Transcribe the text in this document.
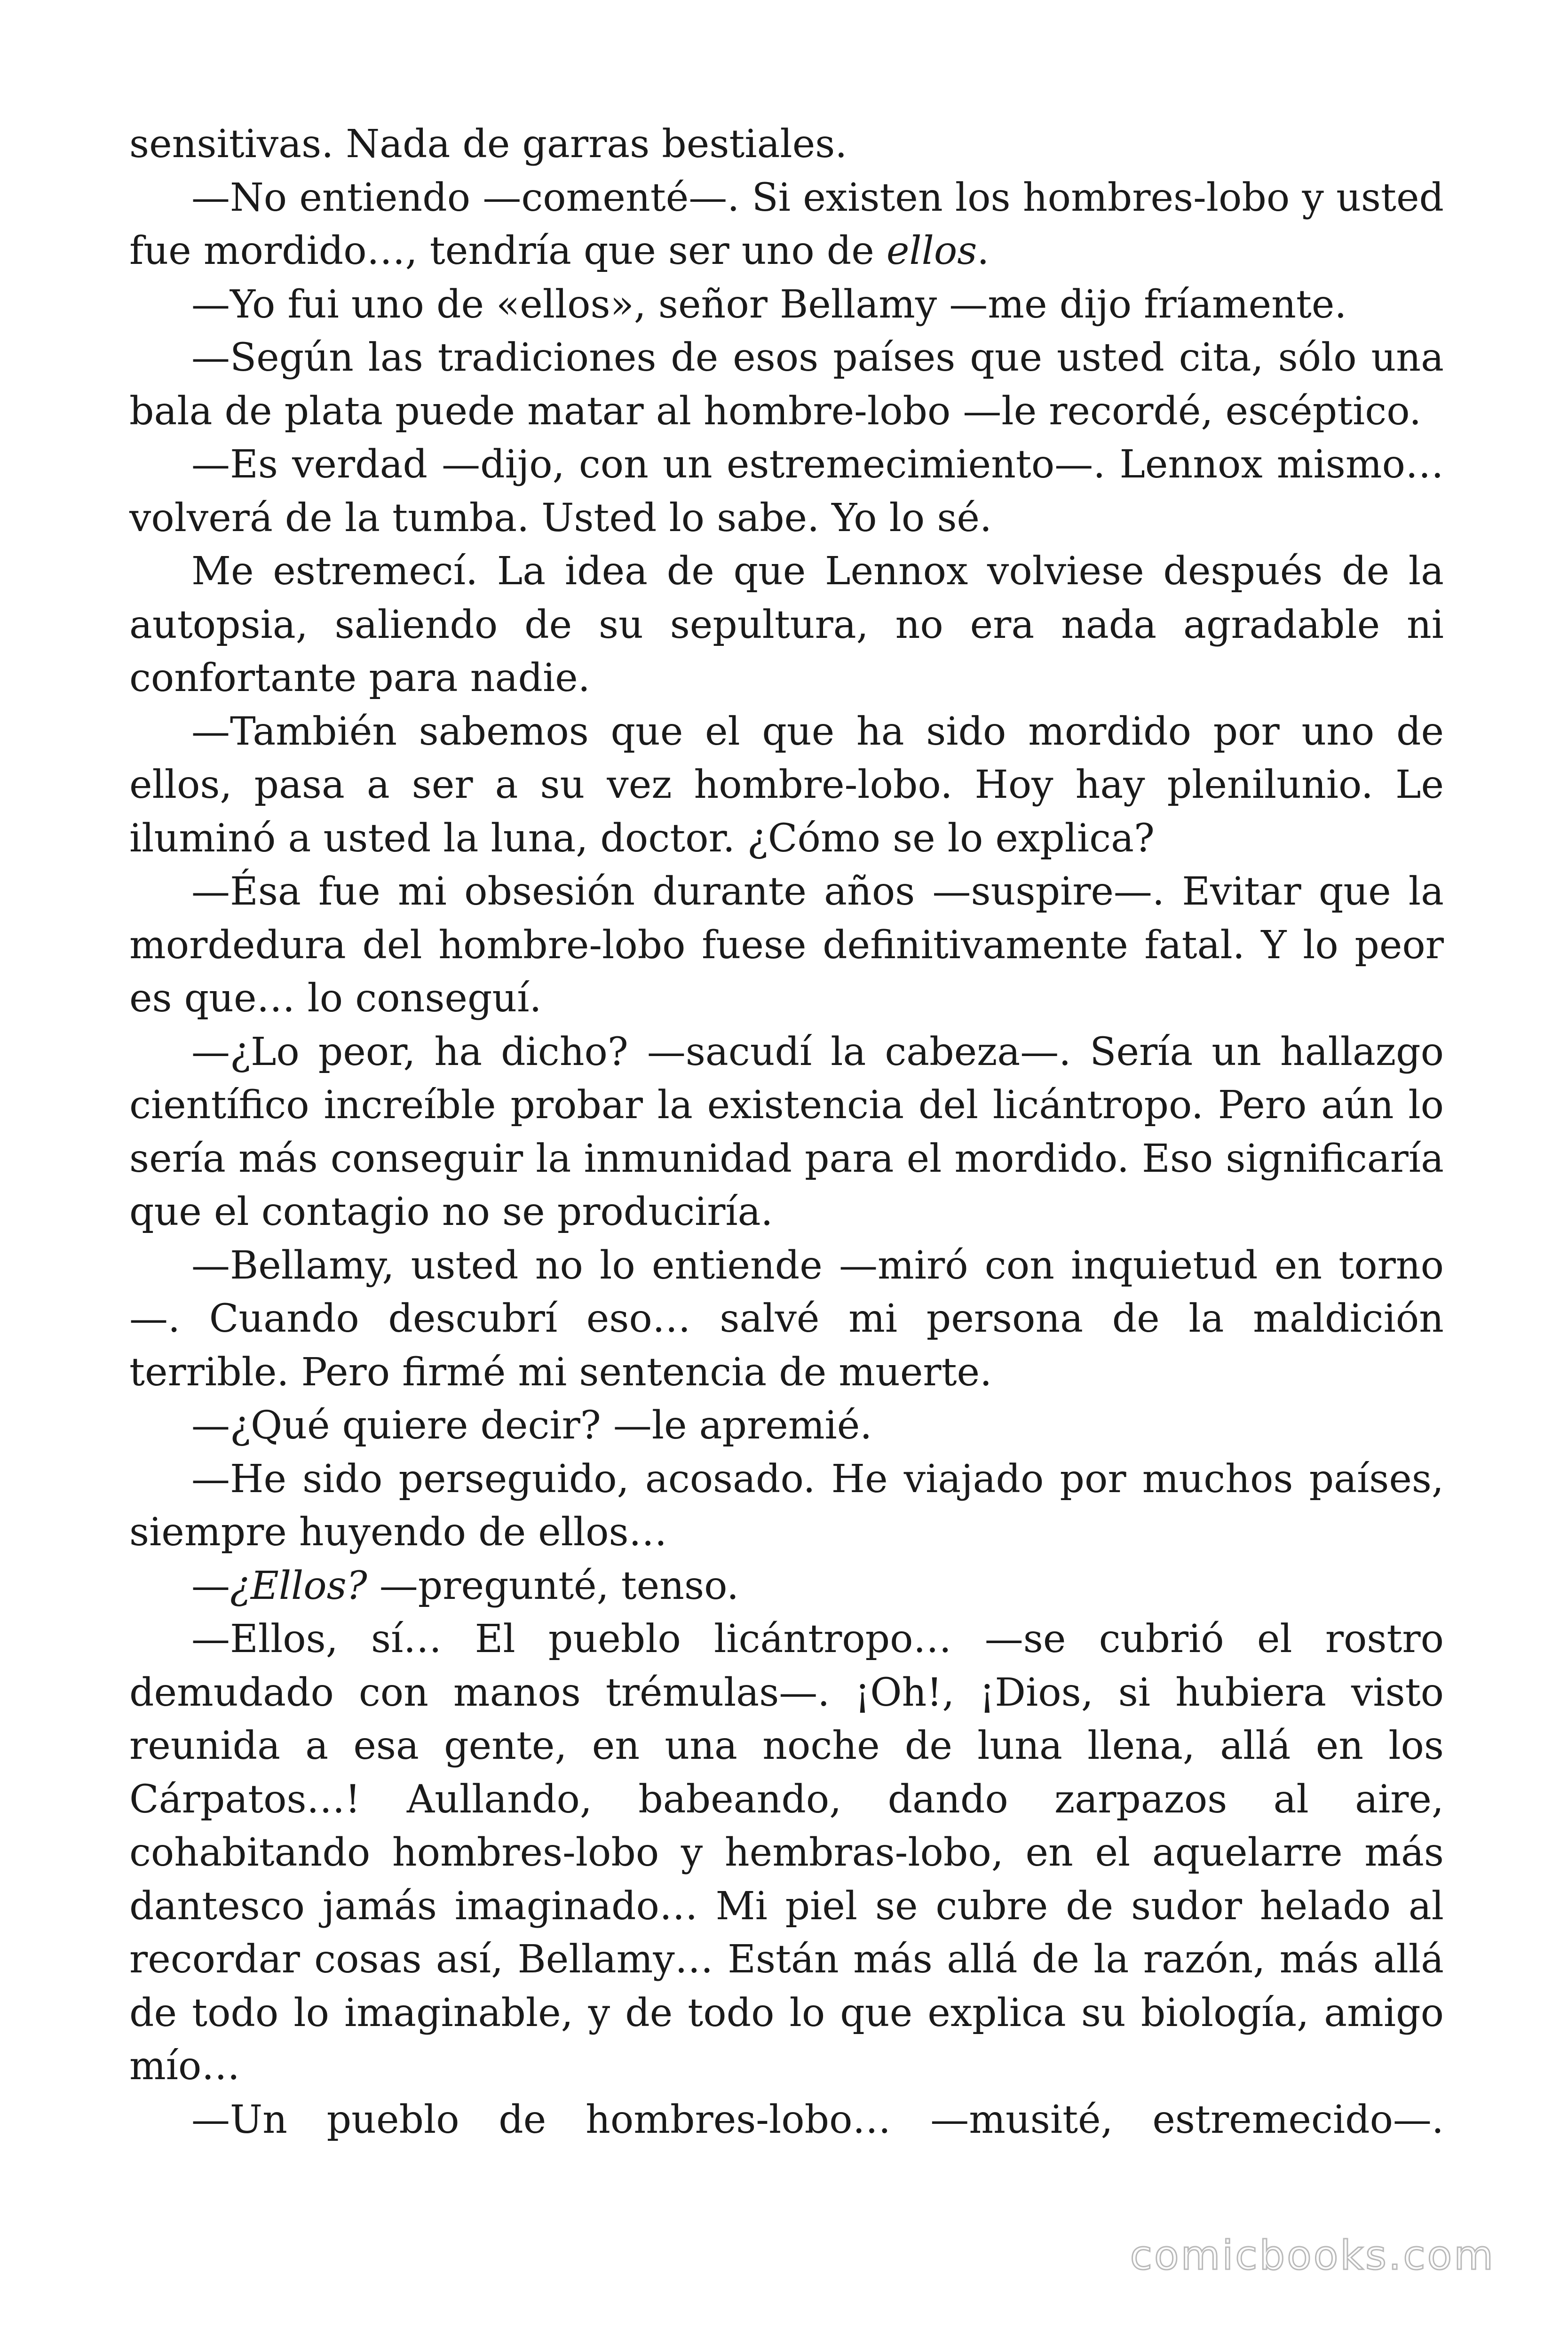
sensitivas. Nada de garras bestiales.

—No entiendo —comenté—. Si existen los hombres-lobo y usted fue mordido…, tendría que ser uno de ellos.

—Yo fui uno de «ellos», señor Bellamy —me dijo fríamente.

—Según las tradiciones de esos países que usted cita, sólo una bala de plata puede matar al hombre-lobo —le recordé, escéptico.

—Es verdad —dijo, con un estremecimiento—. Lennox mismo… volverá de la tumba. Usted lo sabe. Yo lo sé.

Me estremecí. La idea de que Lennox volviese después de la autopsia, saliendo de su sepultura, no era nada agradable ni confortante para nadie.

—También sabemos que el que ha sido mordido por uno de ellos, pasa a ser a su vez hombre-lobo. Hoy hay plenilunio. Le iluminó a usted la luna, doctor. ¿Cómo se lo explica?

—Ésa fue mi obsesión durante años —suspire—. Evitar que la mordedura del hombre-lobo fuese definitivamente fatal. Y lo peor es que… lo conseguí.

—¿Lo peor, ha dicho? —sacudí la cabeza—. Sería un hallazgo científico increíble probar la existencia del licántropo. Pero aún lo sería más conseguir la inmunidad para el mordido. Eso significaría que el contagio no se produciría.

—Bellamy, usted no lo entiende —miró con inquietud en torno —. Cuando descubrí eso… salvé mi persona de la maldición terrible. Pero firmé mi sentencia de muerte.

—¿Qué quiere decir? —le apremié.

—He sido perseguido, acosado. He viajado por muchos países, siempre huyendo de ellos…

—¿Ellos? —pregunté, tenso.

—Ellos, sí… El pueblo licántropo… —se cubrió el rostro demudado con manos trémulas—. ¡Oh!, ¡Dios, si hubiera visto reunida a esa gente, en una noche de luna llena, allá en los Cárpatos…! Aullando, babeando, dando zarpazos al aire, cohabitando hombres-lobo y hembras-lobo, en el aquelarre más dantesco jamás imaginado… Mi piel se cubre de sudor helado al recordar cosas así, Bellamy… Están más allá de la razón, más allá de todo lo imaginable, y de todo lo que explica su biología, amigo mío…

—Un pueblo de hombres-lobo… —musité, estremecido—.

comicbooks.com
